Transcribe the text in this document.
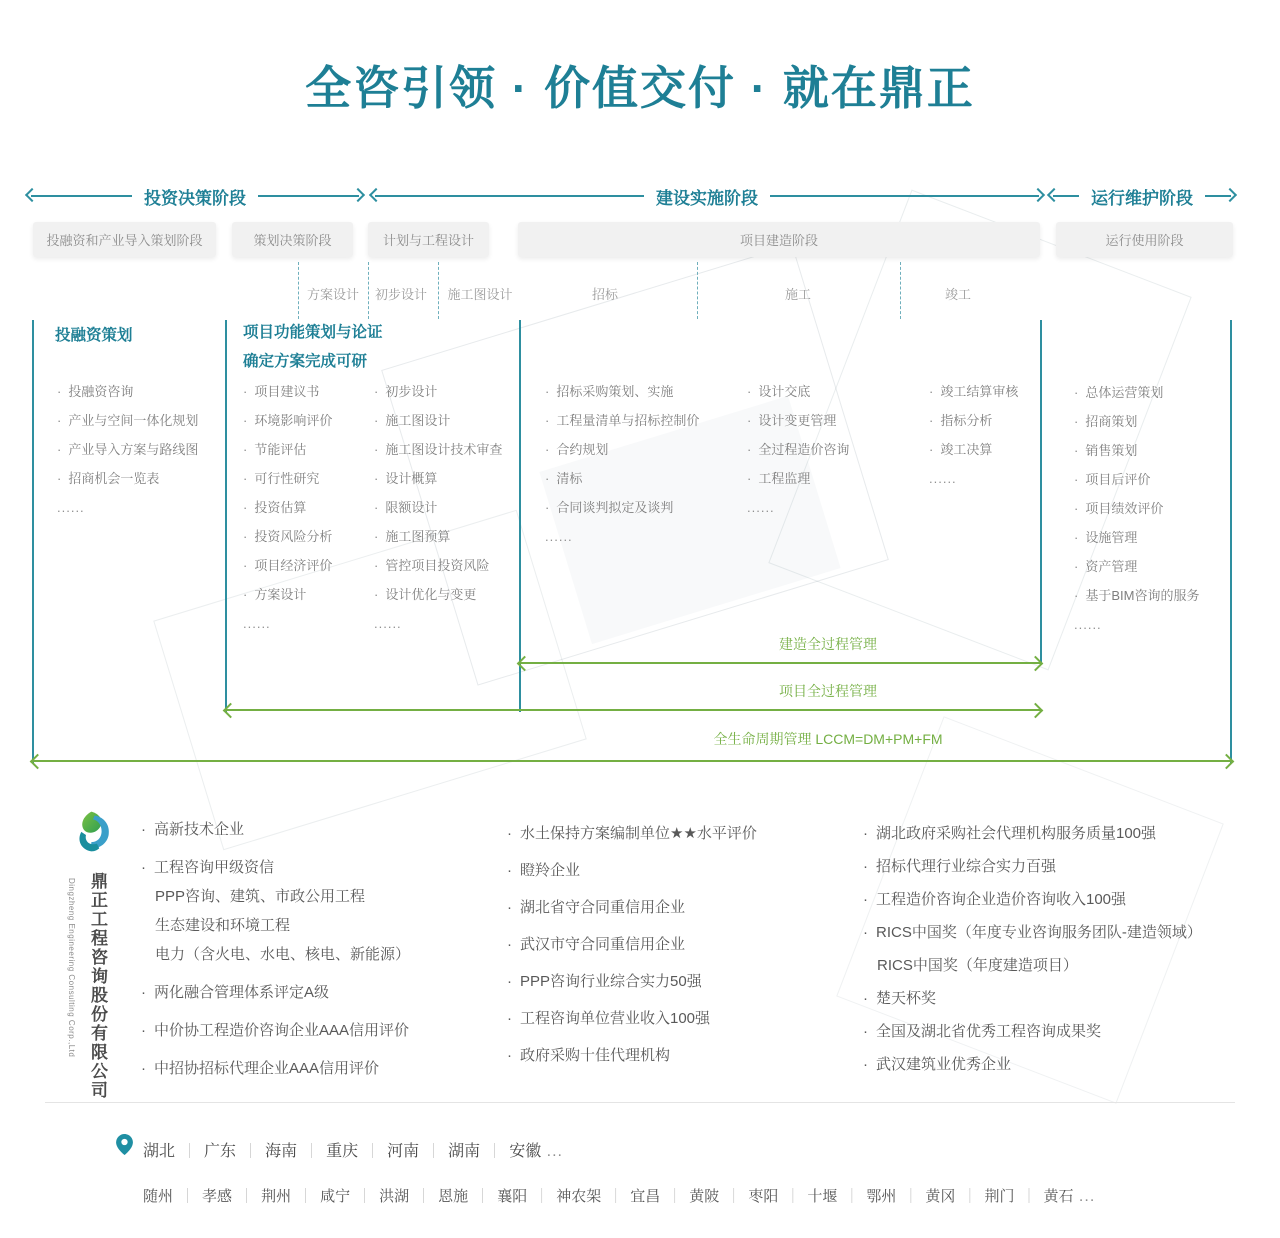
全咨引领 · 价值交付 · 就在鼎正
投资决策阶段	建设实施阶段	运行维护阶段
投融资和产业导入策划阶段	策划决策阶段	计划与工程设计	项目建造阶段	运行使用阶段
方案设计 初步设计 施工图设计	招标	施工	竣工
投融资策划	项目功能策划与论证
确定方案完成可研
· 投融资咨询
· 产业与空间一体化规划
· 产业导入方案与路线图
· 招商机会一览表
......
· 项目建议书
· 环境影响评价
· 节能评估
· 可行性研究
· 投资估算
· 投资风险分析
· 项目经济评价
· 方案设计
......
· 初步设计
· 施工图设计
· 施工图设计技术审查
· 设计概算
· 限额设计
· 施工图预算
· 管控项目投资风险
· 设计优化与变更
......
· 招标采购策划、实施
· 工程量清单与招标控制价
· 合约规划
· 清标
· 合同谈判拟定及谈判
......
· 设计交底
· 设计变更管理
· 全过程造价咨询
· 工程监理
......
· 竣工结算审核
· 指标分析
· 竣工决算
......
· 总体运营策划
· 招商策划
· 销售策划
· 项目后评价
· 项目绩效评价
· 设施管理
· 资产管理
· 基于BIM咨询的服务
......
建造全过程管理
项目全过程管理
全生命周期管理 LCCM=DM+PM+FM
Dingzheng Engineering Consulting Corp.,Ltd 鼎正工程咨询股份有限公司
· 高新技术企业
· 工程咨询甲级资信
PPP咨询、建筑、市政公用工程
生态建设和环境工程
电力（含火电、水电、核电、新能源）
· 两化融合管理体系评定A级
· 中价协工程造价咨询企业AAA信用评价
· 中招协招标代理企业AAA信用评价
· 水土保持方案编制单位★★水平评价
· 瞪羚企业
· 湖北省守合同重信用企业
· 武汉市守合同重信用企业
· PPP咨询行业综合实力50强
· 工程咨询单位营业收入100强
· 政府采购十佳代理机构
· 湖北政府采购社会代理机构服务质量100强
· 招标代理行业综合实力百强
· 工程造价咨询企业造价咨询收入100强
· RICS中国奖（年度专业咨询服务团队-建造领域）
RICS中国奖（年度建造项目）
· 楚天杯奖
· 全国及湖北省优秀工程咨询成果奖
· 武汉建筑业优秀企业
湖北 ｜ 广东 ｜ 海南 ｜ 重庆 ｜ 河南 ｜ 湖南 ｜ 安徽 ...
随州 ｜ 孝感 ｜ 荆州 ｜ 咸宁 ｜ 洪湖 ｜ 恩施 ｜ 襄阳 ｜ 神农架 ｜ 宜昌 ｜ 黄陂 ｜ 枣阳 ｜ 十堰 ｜ 鄂州 ｜ 黄冈 ｜ 荆门 ｜ 黄石 ...
